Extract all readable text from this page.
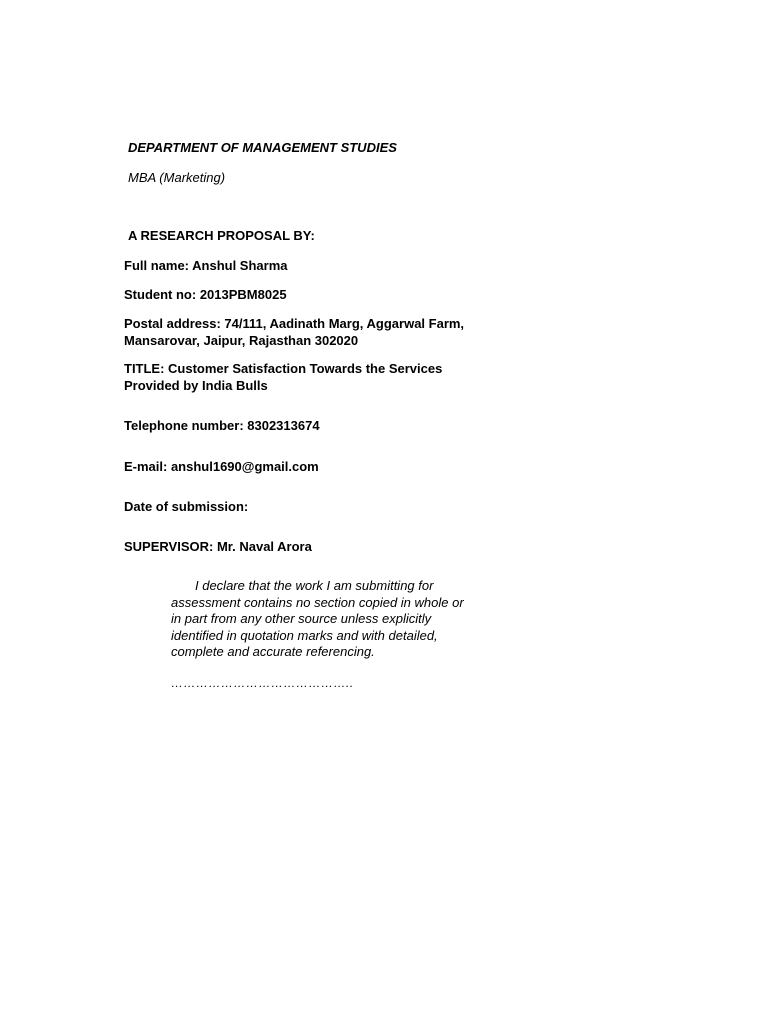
DEPARTMENT OF MANAGEMENT STUDIES
MBA (Marketing)
A RESEARCH PROPOSAL BY:
Full name: Anshul Sharma
Student no: 2013PBM8025
Postal address: 74/111, Aadinath Marg, Aggarwal Farm,
Mansarovar, Jaipur, Rajasthan 302020
TITLE: Customer Satisfaction Towards the Services
Provided by India Bulls
Telephone number: 8302313674
E-mail: anshul1690@gmail.com
Date of submission:
SUPERVISOR: Mr. Naval Arora
I declare that the work I am submitting for assessment contains no section copied in whole or in part from any other source unless explicitly identified in quotation marks and with detailed, complete and accurate referencing.
……………………………………..
